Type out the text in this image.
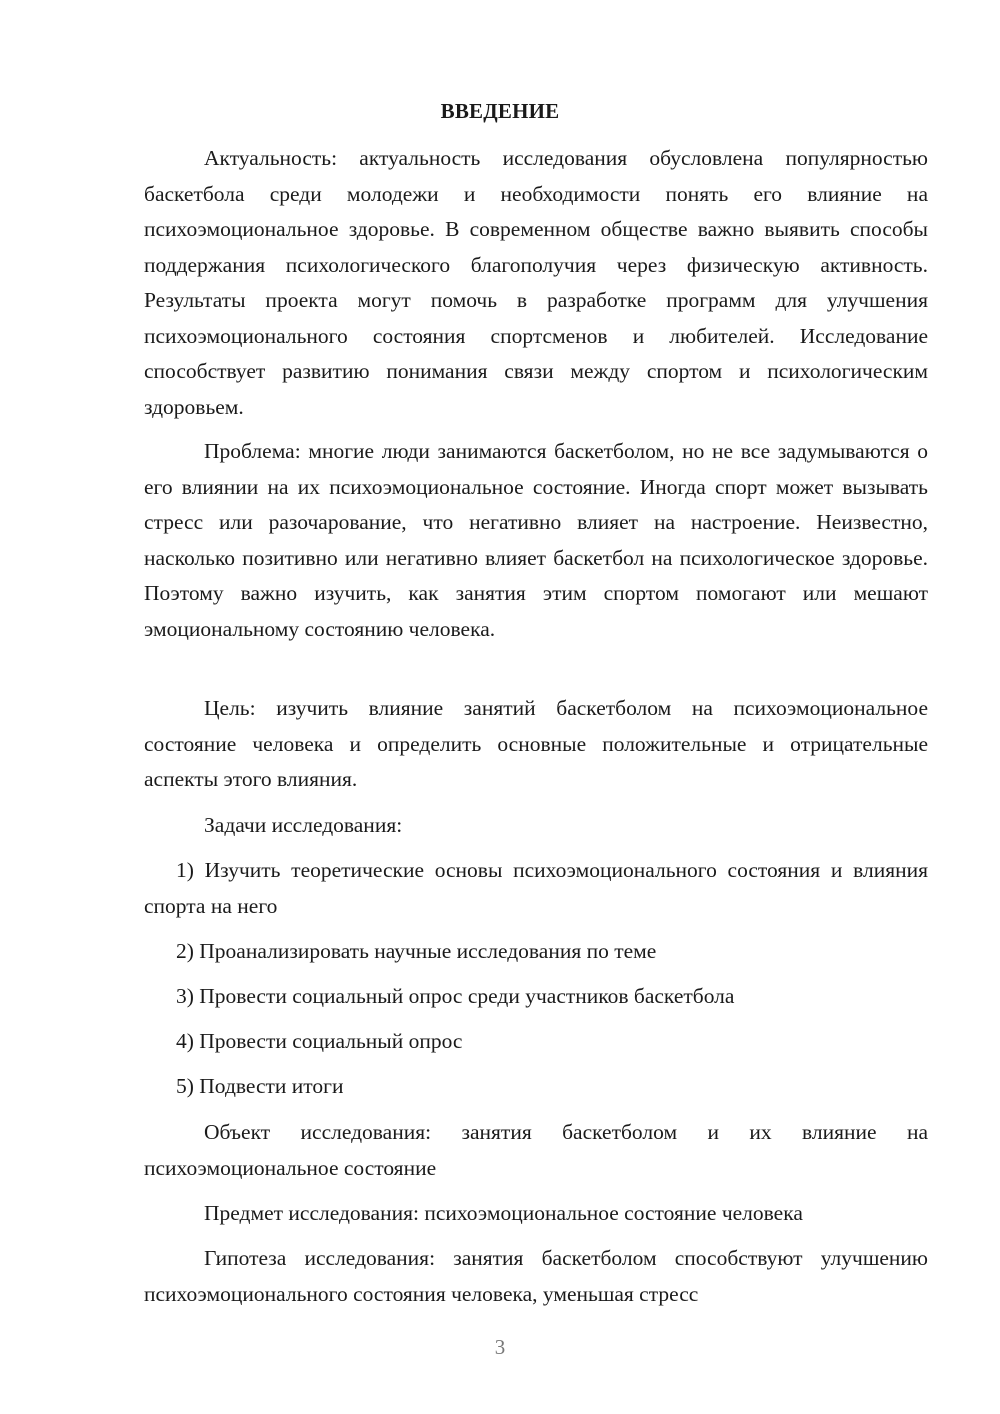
ВВЕДЕНИЕ

Актуальность: актуальность исследования обусловлена популярностью баскетбола среди молодежи и необходимости понять его влияние на психоэмоциональное здоровье. В современном обществе важно выявить способы поддержания психологического благополучия через физическую активность. Результаты проекта могут помочь в разработке программ для улучшения психоэмоционального состояния спортсменов и любителей. Исследование способствует развитию понимания связи между спортом и психологическим здоровьем.

Проблема: многие люди занимаются баскетболом, но не все задумываются о его влиянии на их психоэмоциональное состояние. Иногда спорт может вызывать стресс или разочарование, что негативно влияет на настроение. Неизвестно, насколько позитивно или негативно влияет баскетбол на психологическое здоровье. Поэтому важно изучить, как занятия этим спортом помогают или мешают эмоциональному состоянию человека.

Цель: изучить влияние занятий баскетболом на психоэмоциональное состояние человека и определить основные положительные и отрицательные аспекты этого влияния.

Задачи исследования:

1) Изучить теоретические основы психоэмоционального состояния и влияния спорта на него

2) Проанализировать научные исследования по теме

3) Провести социальный опрос среди участников баскетбола

4) Провести социальный опрос

5) Подвести итоги

Объект исследования: занятия баскетболом и их влияние на психоэмоциональное состояние

Предмет исследования: психоэмоциональное состояние человека

Гипотеза исследования: занятия баскетболом способствуют улучшению психоэмоционального состояния человека, уменьшая стресс

3
